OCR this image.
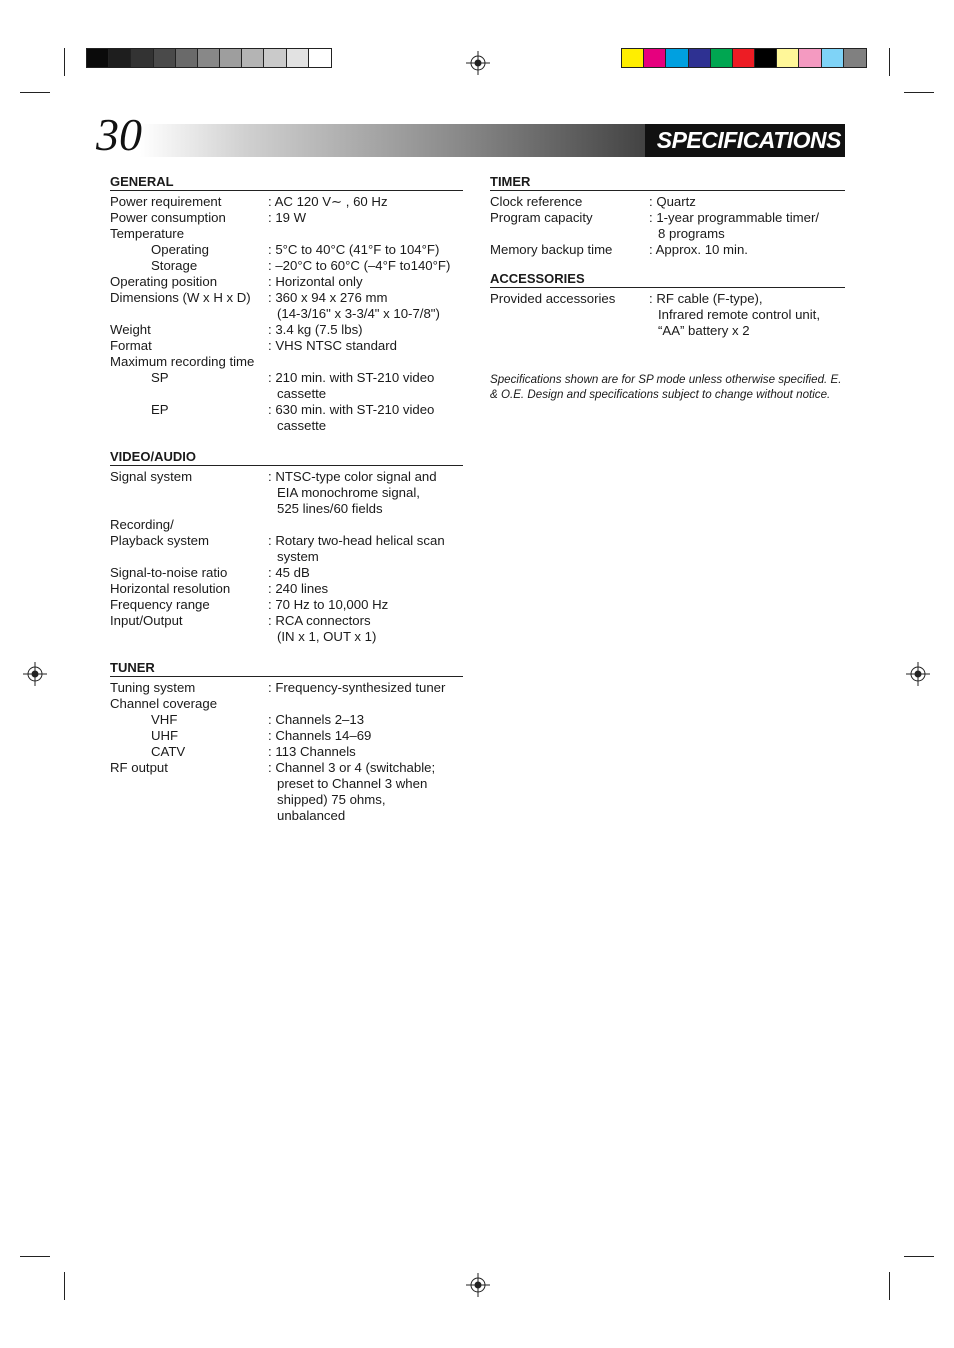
30	SPECIFICATIONS
GENERAL
Power requirement	: AC 120 V∼ , 60 Hz
Power consumption	: 19 W
Temperature
Operating	: 5°C to 40°C (41°F to 104°F)
Storage	: –20°C to 60°C (–4°F to140°F)
Operating position	: Horizontal only
Dimensions (W x H x D)	: 360 x 94 x 276 mm
(14-3/16" x 3-3/4" x 10-7/8")
Weight	: 3.4 kg (7.5 lbs)
Format	: VHS NTSC standard
Maximum recording time
SP	: 210 min. with ST-210 video
cassette
EP	: 630 min. with ST-210 video
cassette
VIDEO/AUDIO
Signal system	: NTSC-type color signal and
EIA monochrome signal,
525 lines/60 fields
Recording/
Playback system	: Rotary two-head helical scan
system
Signal-to-noise ratio	: 45 dB
Horizontal resolution	: 240 lines
Frequency range	: 70 Hz to 10,000 Hz
Input/Output	: RCA connectors
(IN x 1, OUT x 1)
TUNER
Tuning system	: Frequency-synthesized tuner
Channel coverage
VHF	: Channels 2–13
UHF	: Channels 14–69
CATV	: 113 Channels
RF output	: Channel 3 or 4 (switchable;
preset to Channel 3 when
shipped) 75 ohms,
unbalanced
TIMER
Clock reference	: Quartz
Program capacity	: 1-year programmable timer/
8 programs
Memory backup time	: Approx. 10 min.
ACCESSORIES
Provided accessories	: RF cable (F-type),
Infrared remote control unit,
“AA” battery x 2
Specifications shown are for SP mode unless otherwise specified. E. & O.E. Design and specifications subject to change without notice.
